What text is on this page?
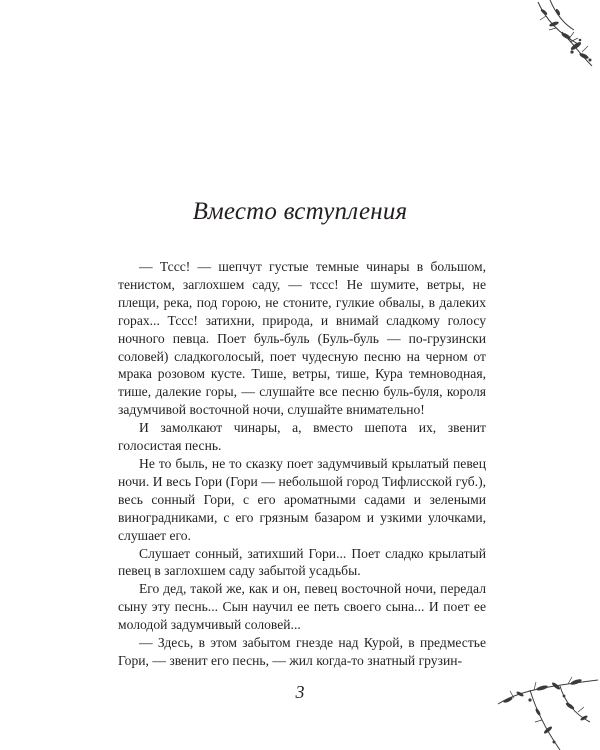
Вместо вступления

— Тссс! — шепчут густые темные чинары в большом, тенистом, заглохшем саду, — тссс! Не шумите, ветры, не плещи, река, под горою, не стоните, гулкие обвалы, в далеких горах... Тссс! затихни, природа, и внимай сладкому голосу ночного певца. Поет буль-буль (Буль-буль — по-грузински соловей) сладкоголосый, поет чудесную песню на черном от мрака розовом кусте. Тише, ветры, тише, Кура темноводная, тише, далекие горы, — слушайте все песню буль-буля, короля задумчивой восточной ночи, слушайте внимательно!

И замолкают чинары, а, вместо шепота их, звенит голосистая песнь.

Не то быль, не то сказку поет задумчивый крылатый певец ночи. И весь Гори (Гори — небольшой город Тифлисской губ.), весь сонный Гори, с его ароматными садами и зелеными виноградниками, с его грязным базаром и узкими улочками, слушает его.

Слушает сонный, затихший Гори... Поет сладко крылатый певец в заглохшем саду забытой усадьбы.

Его дед, такой же, как и он, певец восточной ночи, передал сыну эту песнь... Сын научил ее петь своего сына... И поет ее молодой задумчивый соловей...

— Здесь, в этом забытом гнезде над Курой, в предместье Гори, — звенит его песнь, — жил когда-то знатный грузин-

3
